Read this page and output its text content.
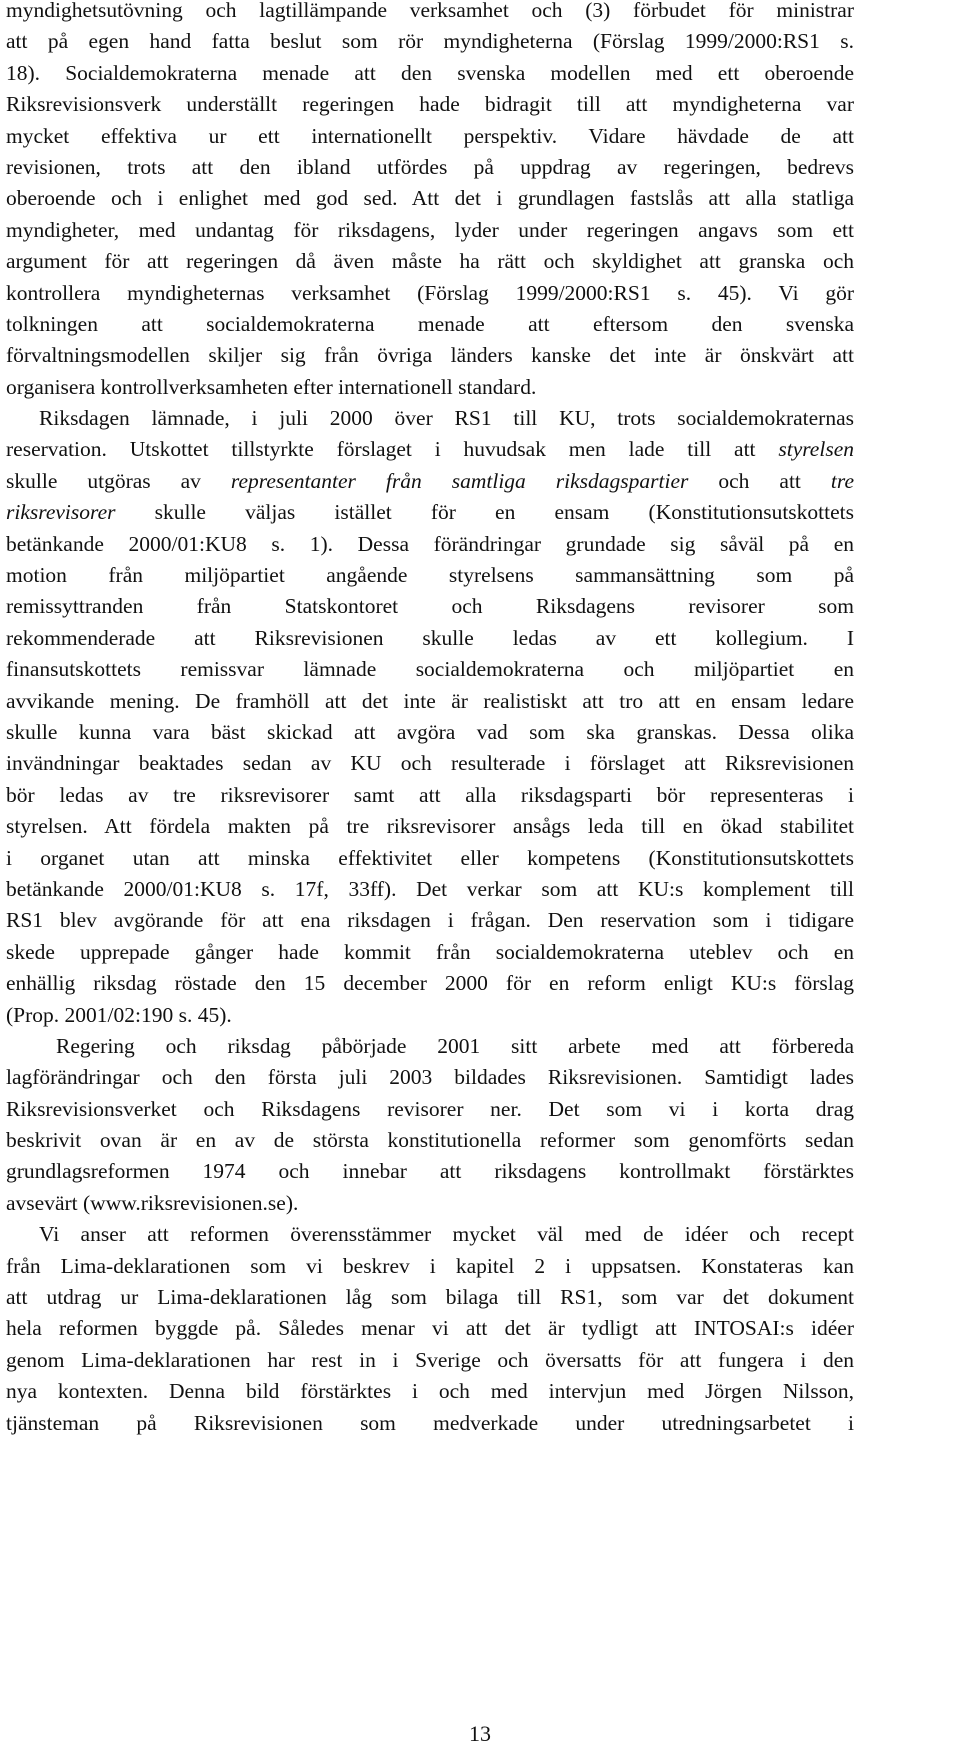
myndighetsutövning och lagtillämpande verksamhet och (3) förbudet för ministrar
att på egen hand fatta beslut som rör myndigheterna (Förslag 1999/2000:RS1 s.
18). Socialdemokraterna menade att den svenska modellen med ett oberoende
Riksrevisionsverk underställt regeringen hade bidragit till att myndigheterna var
mycket effektiva ur ett internationellt perspektiv. Vidare hävdade de att
revisionen, trots att den ibland utfördes på uppdrag av regeringen, bedrevs
oberoende och i enlighet med god sed. Att det i grundlagen fastslås att alla statliga
myndigheter, med undantag för riksdagens, lyder under regeringen angavs som ett
argument för att regeringen då även måste ha rätt och skyldighet att granska och
kontrollera myndigheternas verksamhet (Förslag 1999/2000:RS1 s. 45). Vi gör
tolkningen att socialdemokraterna menade att eftersom den svenska
förvaltningsmodellen skiljer sig från övriga länders kanske det inte är önskvärt att
organisera kontrollverksamheten efter internationell standard.
Riksdagen lämnade, i juli 2000 över RS1 till KU, trots socialdemokraternas
reservation. Utskottet tillstyrkte förslaget i huvudsak men lade till att styrelsen
skulle utgöras av representanter från samtliga riksdagspartier och att tre
riksrevisorer skulle väljas istället för en ensam (Konstitutionsutskottets
betänkande 2000/01:KU8 s. 1). Dessa förändringar grundade sig såväl på en
motion från miljöpartiet angående styrelsens sammansättning som på
remissyttranden från Statskontoret och Riksdagens revisorer som
rekommenderade att Riksrevisionen skulle ledas av ett kollegium. I
finansutskottets remissvar lämnade socialdemokraterna och miljöpartiet en
avvikande mening. De framhöll att det inte är realistiskt att tro att en ensam ledare
skulle kunna vara bäst skickad att avgöra vad som ska granskas. Dessa olika
invändningar beaktades sedan av KU och resulterade i förslaget att Riksrevisionen
bör ledas av tre riksrevisorer samt att alla riksdagsparti bör representeras i
styrelsen. Att fördela makten på tre riksrevisorer ansågs leda till en ökad stabilitet
i organet utan att minska effektivitet eller kompetens (Konstitutionsutskottets
betänkande 2000/01:KU8 s. 17f, 33ff). Det verkar som att KU:s komplement till
RS1 blev avgörande för att ena riksdagen i frågan. Den reservation som i tidigare
skede upprepade gånger hade kommit från socialdemokraterna uteblev och en
enhällig riksdag röstade den 15 december 2000 för en reform enligt KU:s förslag
(Prop. 2001/02:190 s. 45).
Regering och riksdag påbörjade 2001 sitt arbete med att förbereda
lagförändringar och den första juli 2003 bildades Riksrevisionen. Samtidigt lades
Riksrevisionsverket och Riksdagens revisorer ner. Det som vi i korta drag
beskrivit ovan är en av de största konstitutionella reformer som genomförts sedan
grundlagsreformen 1974 och innebar att riksdagens kontrollmakt förstärktes
avsevärt (www.riksrevisionen.se).
Vi anser att reformen överensstämmer mycket väl med de idéer och recept
från Lima-deklarationen som vi beskrev i kapitel 2 i uppsatsen. Konstateras kan
att utdrag ur Lima-deklarationen låg som bilaga till RS1, som var det dokument
hela reformen byggde på. Således menar vi att det är tydligt att INTOSAI:s idéer
genom Lima-deklarationen har rest in i Sverige och översatts för att fungera i den
nya kontexten. Denna bild förstärktes i och med intervjun med Jörgen Nilsson,
tjänsteman på Riksrevisionen som medverkade under utredningsarbetet i
13
